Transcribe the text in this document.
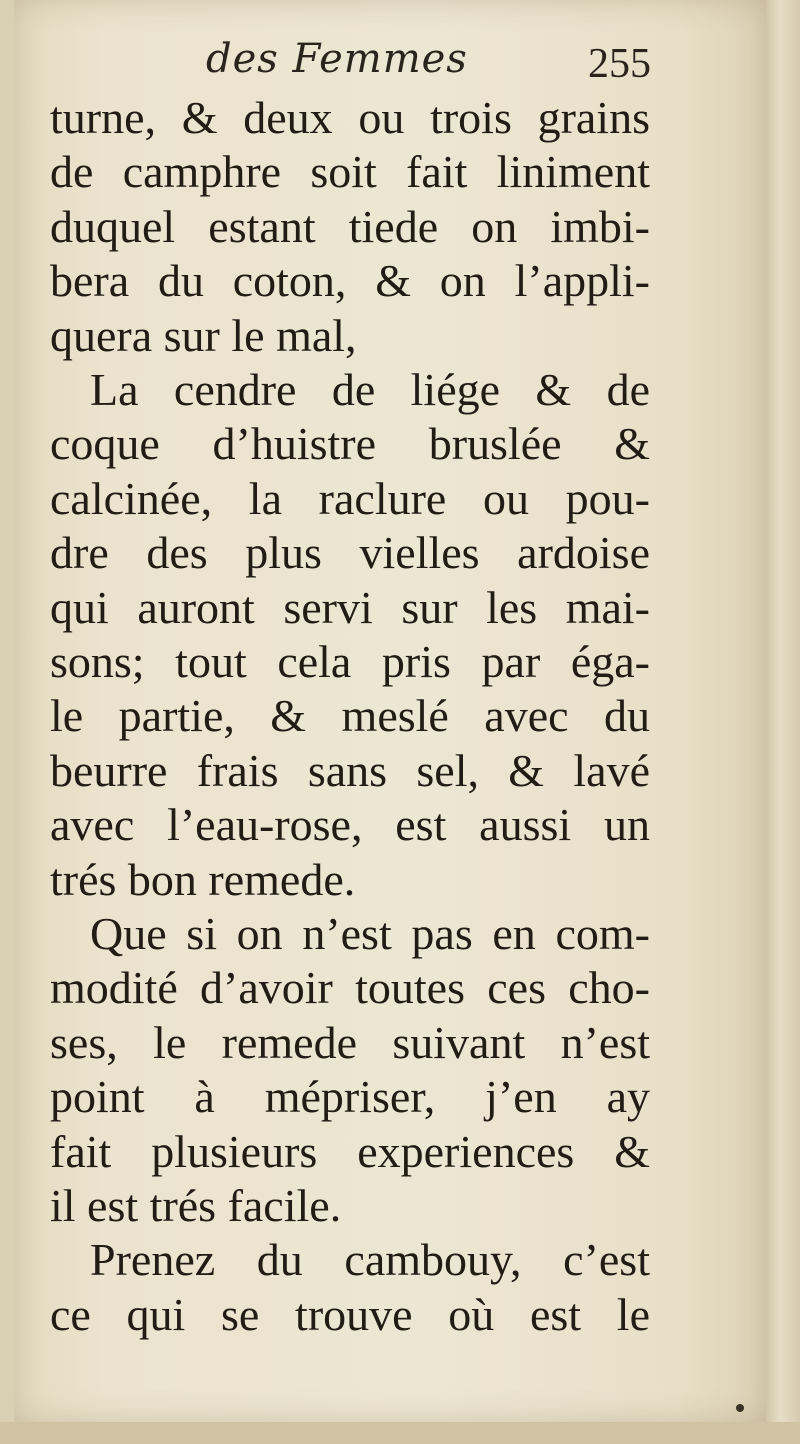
des Femmes	255
turne, & deux ou trois grains
de camphre soit fait liniment
duquel estant tiede on imbi-
bera du coton, & on l’appli-
quera sur le mal,
La cendre de liége & de
coque d’huistre bruslée &
calcinée, la raclure ou pou-
dre des plus vielles ardoise
qui auront servi sur les mai-
sons; tout cela pris par éga-
le partie, & meslé avec du
beurre frais sans sel, & lavé
avec l’eau-rose, est aussi un
trés bon remede.
Que si on n’est pas en com-
modité d’avoir toutes ces cho-
ses, le remede suivant n’est
point à mépriser, j’en ay
fait plusieurs experiences &
il est trés facile.
Prenez du cambouy, c’est
ce qui se trouve où est le
